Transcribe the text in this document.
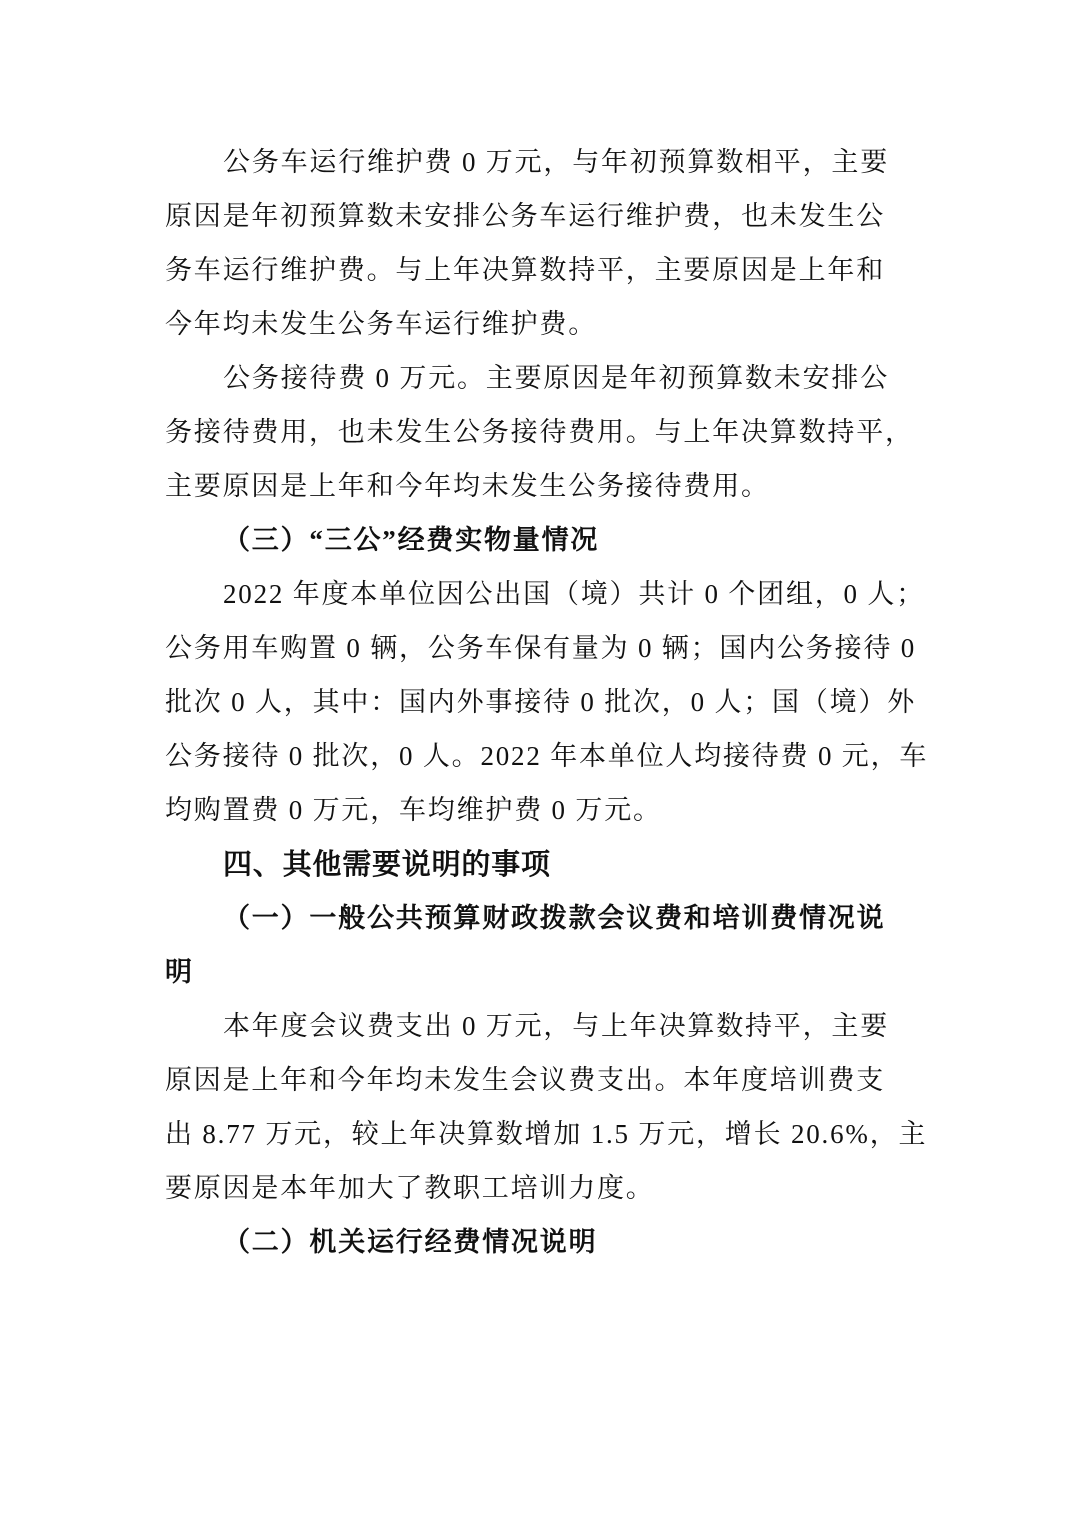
公务车运行维护费 0 万元，与年初预算数相平，主要
原因是年初预算数未安排公务车运行维护费，也未发生公
务车运行维护费。与上年决算数持平，主要原因是上年和
今年均未发生公务车运行维护费。
公务接待费 0 万元。主要原因是年初预算数未安排公
务接待费用，也未发生公务接待费用。与上年决算数持平，
主要原因是上年和今年均未发生公务接待费用。
（三）“三公”经费实物量情况
2022 年度本单位因公出国（境）共计 0 个团组，0 人；
公务用车购置 0 辆，公务车保有量为 0 辆；国内公务接待 0
批次 0 人，其中：国内外事接待 0 批次，0 人；国（境）外
公务接待 0 批次，0 人。2022 年本单位人均接待费 0 元，车
均购置费 0 万元，车均维护费 0 万元。
四、其他需要说明的事项
（一）一般公共预算财政拨款会议费和培训费情况说
明
本年度会议费支出 0 万元，与上年决算数持平，主要
原因是上年和今年均未发生会议费支出。本年度培训费支
出 8.77 万元，较上年决算数增加 1.5 万元，增长 20.6%，主
要原因是本年加大了教职工培训力度。
（二）机关运行经费情况说明
